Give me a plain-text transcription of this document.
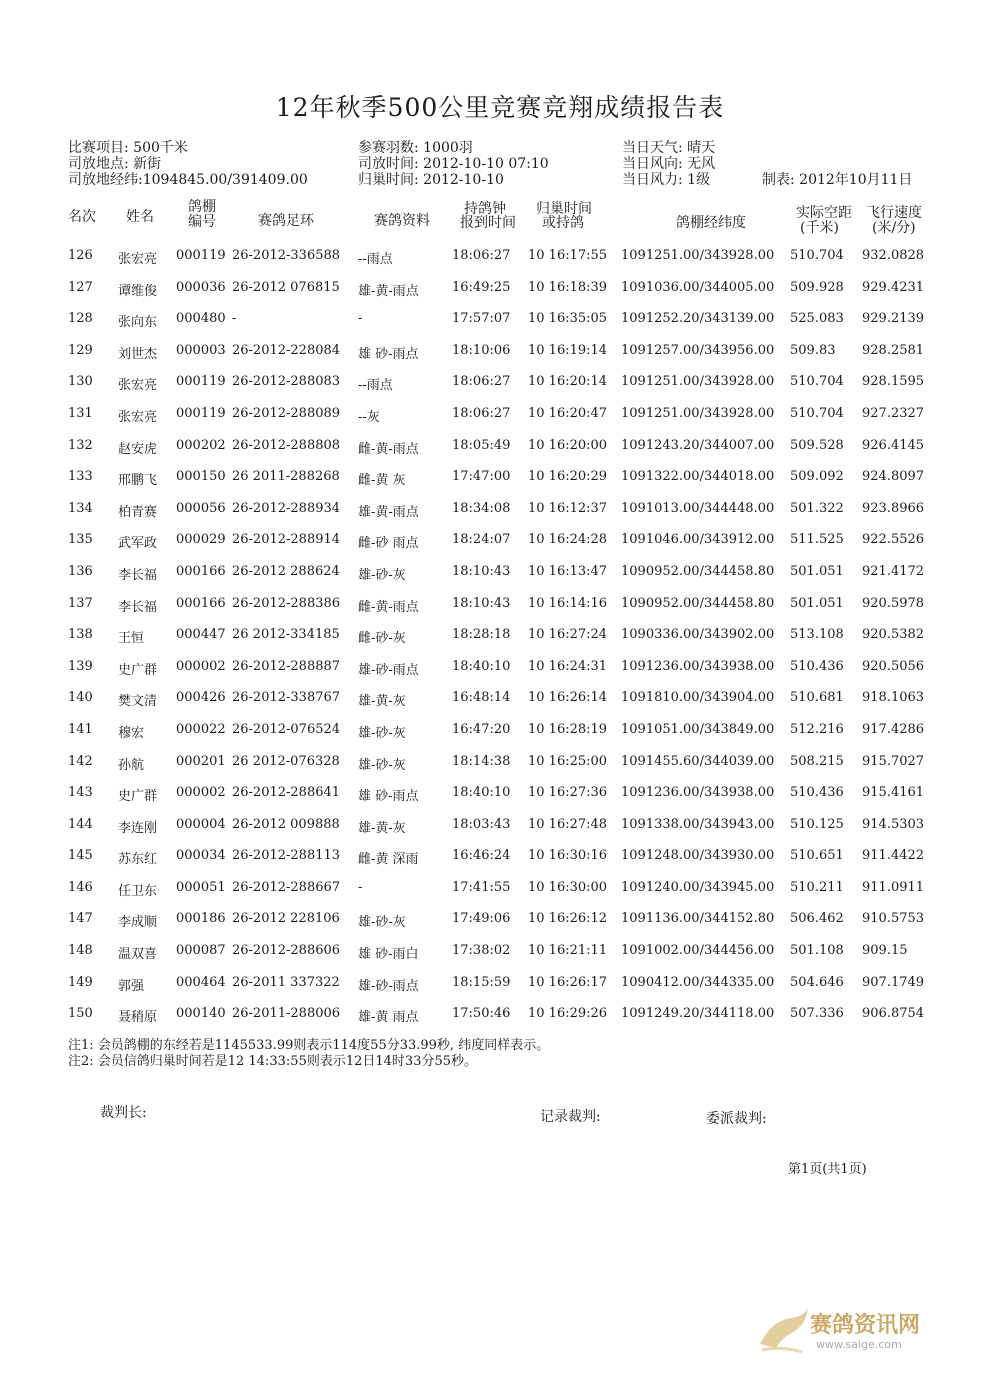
12年秋季500公里竞赛竞翔成绩报告表
比赛项目: 500千米
司放地点: 新街
司放地经纬:1094845.00/391409.00
参赛羽数: 1000羽
司放时间: 2012-10-10 07:10
归巢时间: 2012-10-10
当日天气: 晴天
当日风向: 无风
当日风力: 1级	制表: 2012年10月11日
名次 姓名
鸽棚
编号	赛鸽足环	赛鸽资料
持鸽钟
报到时间
归巢时间
或持鸽	鸽棚经纬度
实际空距
(千米)
飞行速度
(米/分)
126 张宏亮 000119 26-2012-336588 --雨点	18:06:27 10 16:17:55 1091251.00/343928.00 510.704 932.0828
127 谭维俊 000036 26-2012 076815 雄-黄-雨点	16:49:25 10 16:18:39 1091036.00/344005.00 509.928 929.4231
128 张向东 000480 -	-	17:57:07 10 16:35:05 1091252.20/343139.00 525.083 929.2139
129 刘世杰 000003 26-2012-228084 雄 砂-雨点	18:10:06 10 16:19:14 1091257.00/343956.00 509.83 928.2581
130 张宏亮 000119 26-2012-288083 --雨点	18:06:27 10 16:20:14 1091251.00/343928.00 510.704 928.1595
131 张宏亮 000119 26-2012-288089 --灰	18:06:27 10 16:20:47 1091251.00/343928.00 510.704 927.2327
132 赵安虎 000202 26-2012-288808 雌-黄-雨点	18:05:49 10 16:20:00 1091243.20/344007.00 509.528 926.4145
133 邢鹏飞 000150 26 2011-288268 雌-黄 灰	17:47:00 10 16:20:29 1091322.00/344018.00 509.092 924.8097
134 柏青赛 000056 26-2012-288934 雄-黄-雨点	18:34:08 10 16:12:37 1091013.00/344448.00 501.322 923.8966
135 武军政 000029 26-2012-288914 雌-砂 雨点	18:24:07 10 16:24:28 1091046.00/343912.00 511.525 922.5526
136 李长福 000166 26-2012 288624 雄-砂-灰	18:10:43 10 16:13:47 1090952.00/344458.80 501.051 921.4172
137 李长福 000166 26-2012-288386 雌-黄-雨点	18:10:43 10 16:14:16 1090952.00/344458.80 501.051 920.5978
138 王恒 000447 26 2012-334185 雌-砂-灰	18:28:18 10 16:27:24 1090336.00/343902.00 513.108 920.5382
139 史广群 000002 26-2012-288887 雄-砂-雨点	18:40:10 10 16:24:31 1091236.00/343938.00 510.436 920.5056
140 樊文清 000426 26-2012-338767 雄-黄-灰	16:48:14 10 16:26:14 1091810.00/343904.00 510.681 918.1063
141 穆宏 000022 26-2012-076524 雄-砂-灰	16:47:20 10 16:28:19 1091051.00/343849.00 512.216 917.4286
142 孙航 000201 26 2012-076328 雄-砂-灰	18:14:38 10 16:25:00 1091455.60/344039.00 508.215 915.7027
143 史广群 000002 26-2012-288641 雄 砂-雨点	18:40:10 10 16:27:36 1091236.00/343938.00 510.436 915.4161
144 李连刚 000004 26-2012 009888 雄-黄-灰	18:03:43 10 16:27:48 1091338.00/343943.00 510.125 914.5303
145 苏东红 000034 26-2012-288113 雌-黄 深雨	16:46:24 10 16:30:16 1091248.00/343930.00 510.651 911.4422
146 任卫东 000051 26-2012-288667 -	17:41:55 10 16:30:00 1091240.00/343945.00 510.211 911.0911
147 李成顺 000186 26-2012 228106 雄-砂-灰	17:49:06 10 16:26:12 1091136.00/344152.80 506.462 910.5753
148 温双喜 000087 26-2012-288606 雄 砂-雨白	17:38:02 10 16:21:11 1091002.00/344456.00 501.108 909.15
149 郭强 000464 26-2011 337322 雄-砂-雨点	18:15:59 10 16:26:17 1090412.00/344335.00 504.646 907.1749
150 聂稍原 000140 26-2011-288006 雄-黄 雨点	17:50:46 10 16:29:26 1091249.20/344118.00 507.336 906.8754
注1: 会员鸽棚的东经若是1145533.99则表示114度55分33.99秒, 纬度同样表示。
注2: 会员信鸽归巢时间若是12 14:33:55则表示12日14时33分55秒。
裁判长:	记录裁判:	委派裁判:
第1页(共1页)
赛鸽资讯网
www.saige.com
